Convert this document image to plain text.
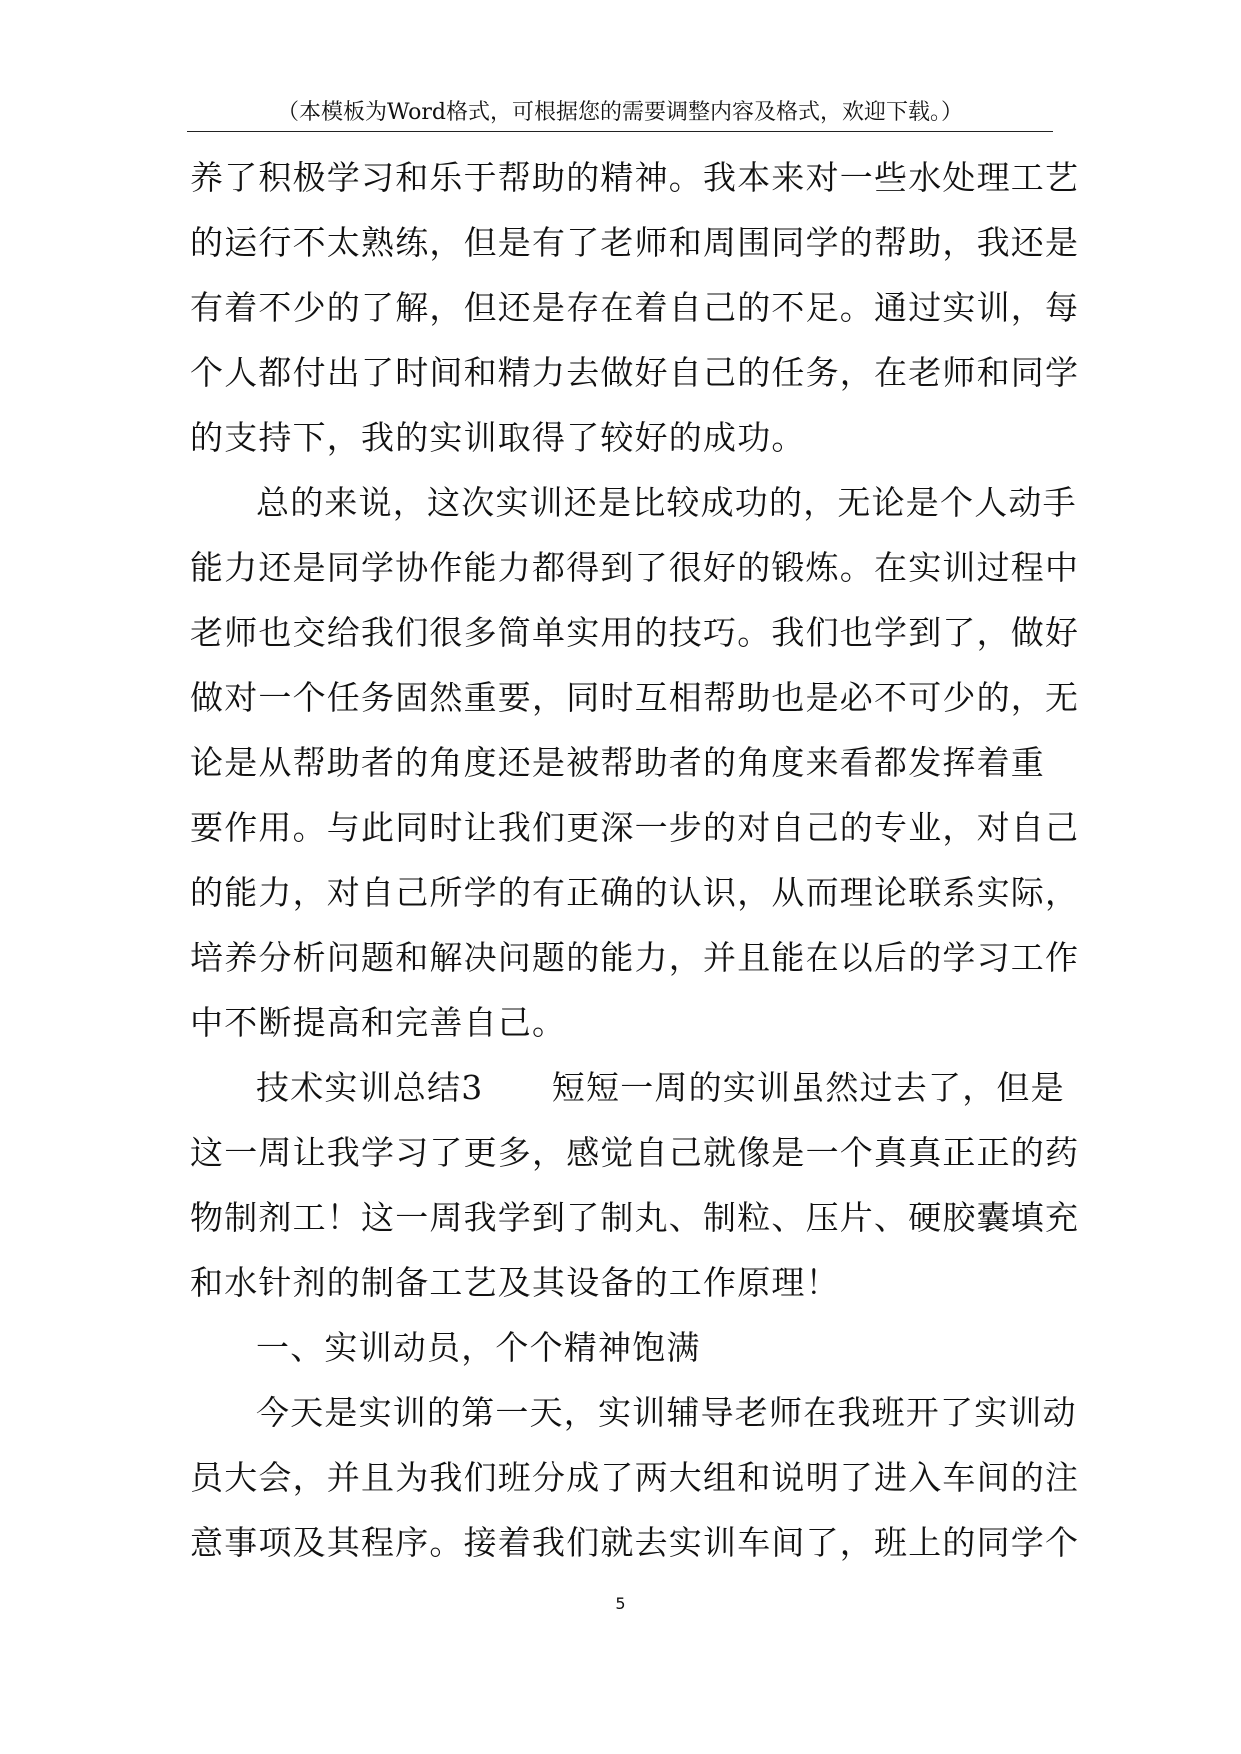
（本模板为Word格式，可根据您的需要调整内容及格式，欢迎下载。）
养了积极学习和乐于帮助的精神。我本来对一些水处理工艺
的运行不太熟练，但是有了老师和周围同学的帮助，我还是
有着不少的了解，但还是存在着自己的不足。通过实训，每
个人都付出了时间和精力去做好自己的任务，在老师和同学
的支持下，我的实训取得了较好的成功。
总的来说，这次实训还是比较成功的，无论是个人动手
能力还是同学协作能力都得到了很好的锻炼。在实训过程中
老师也交给我们很多简单实用的技巧。我们也学到了，做好
做对一个任务固然重要，同时互相帮助也是必不可少的，无
论是从帮助者的角度还是被帮助者的角度来看都发挥着重
要作用。与此同时让我们更深一步的对自己的专业，对自己
的能力，对自己所学的有正确的认识，从而理论联系实际，
培养分析问题和解决问题的能力，并且能在以后的学习工作
中不断提高和完善自己。
技术实训总结3　　短短一周的实训虽然过去了，但是
这一周让我学习了更多，感觉自己就像是一个真真正正的药
物制剂工！这一周我学到了制丸、制粒、压片、硬胶囊填充
和水针剂的制备工艺及其设备的工作原理！
一、实训动员，个个精神饱满
今天是实训的第一天，实训辅导老师在我班开了实训动
员大会，并且为我们班分成了两大组和说明了进入车间的注
意事项及其程序。接着我们就去实训车间了，班上的同学个
5
